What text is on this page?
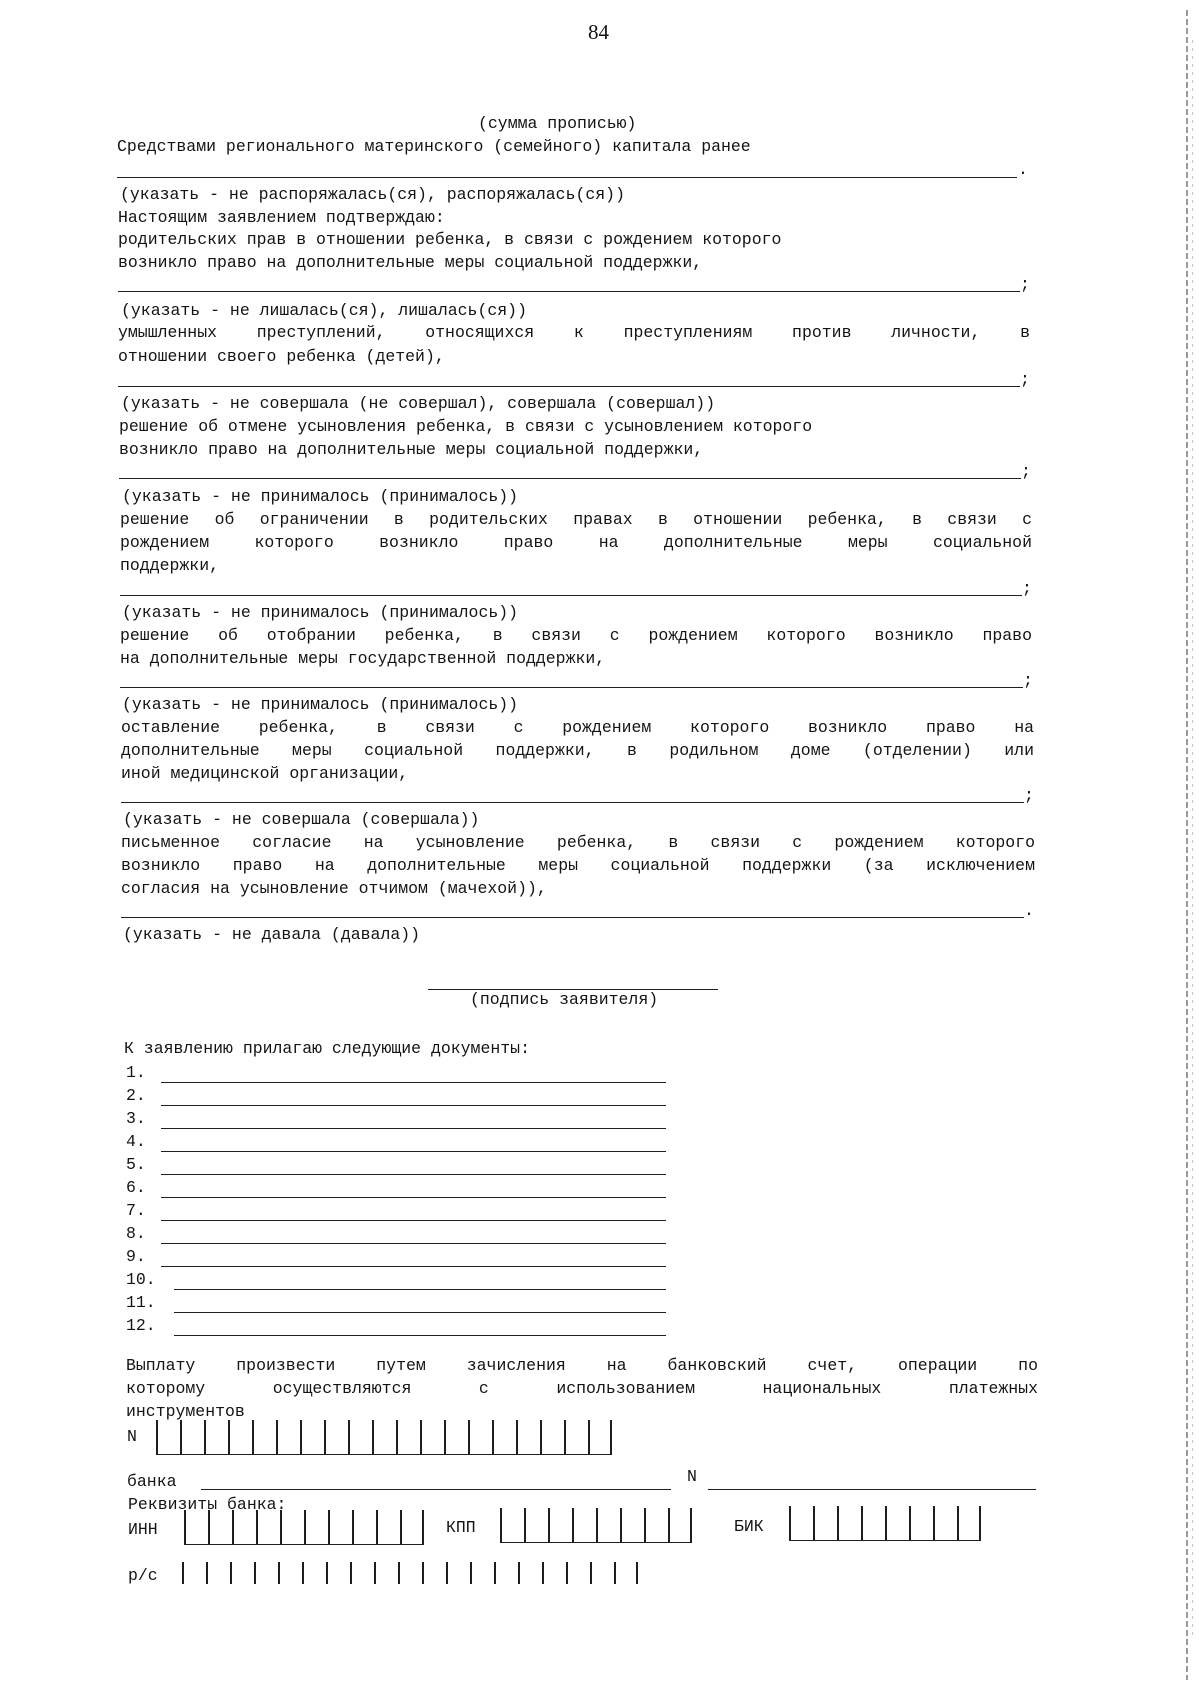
84
(сумма прописью)
Средствами регионального материнского (семейного) капитала ранее
.
(указать - не распоряжалась(ся), распоряжалась(ся))
Настоящим заявлением подтверждаю:
родительских прав в отношении ребенка, в связи с рождением которого
возникло право на дополнительные меры социальной поддержки,
;
(указать - не лишалась(ся), лишалась(ся))
умышленных преступлений, относящихся к преступлениям против личности, в
отношении своего ребенка (детей),
;
(указать - не совершала (не совершал), совершала (совершал))
решение об отмене усыновления ребенка, в связи с усыновлением которого
возникло право на дополнительные меры социальной поддержки,
;
(указать - не принималось (принималось))
решение об ограничении в родительских правах в отношении ребенка, в связи с
рождением которого возникло право на дополнительные меры социальной
поддержки,
;
(указать - не принималось (принималось))
решение об отобрании ребенка, в связи с рождением которого возникло право
на дополнительные меры государственной поддержки,
;
(указать - не принималось (принималось))
оставление ребенка, в связи с рождением которого возникло право на
дополнительные меры социальной поддержки, в родильном доме (отделении) или
иной медицинской организации,
;
(указать - не совершала (совершала))
письменное согласие на усыновление ребенка, в связи с рождением которого
возникло право на дополнительные меры социальной поддержки (за исключением
согласия на усыновление отчимом (мачехой)),
.
(указать - не давала (давала))
(подпись заявителя)
К заявлению прилагаю следующие документы:
1.
2.
3.
4.
5.
6.
7.
8.
9.
10.
11.
12.
Выплату произвести путем зачисления на банковский счет, операции по
которому осуществляются с использованием национальных платежных
инструментов
N
банка	N
Реквизиты банка:
ИНН	КПП	БИК
р/с
